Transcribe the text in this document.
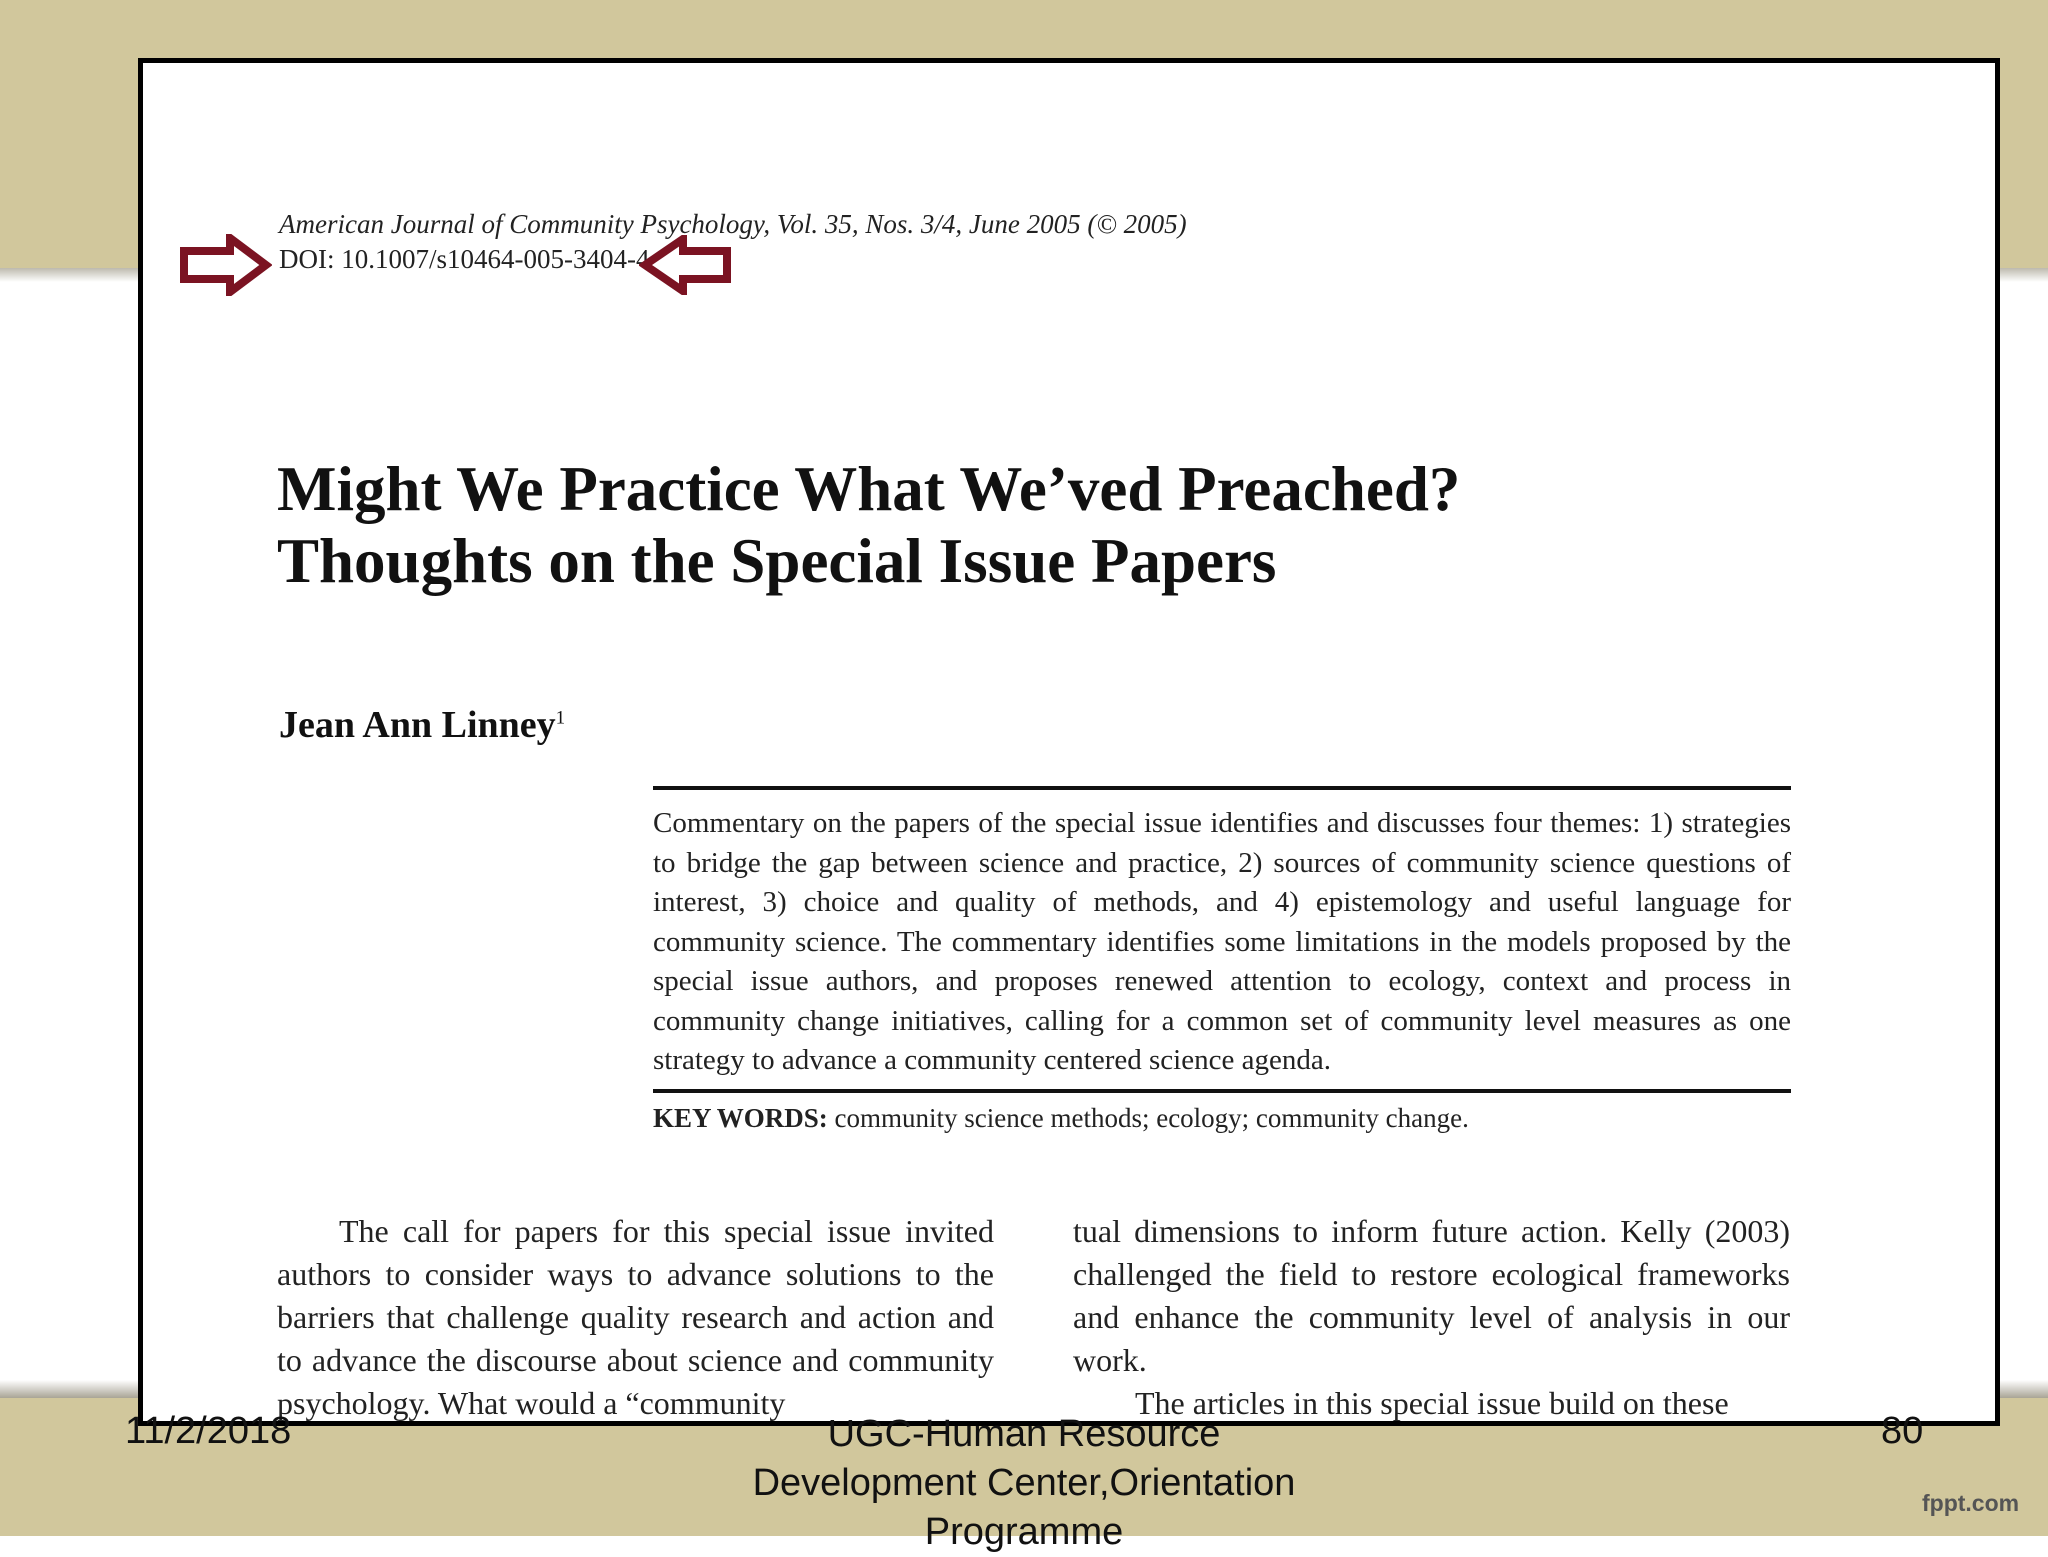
American Journal of Community Psychology, Vol. 35, Nos. 3/4, June 2005 (© 2005)
DOI: 10.1007/s10464-005-3404-4
Might We Practice What We’ved Preached?
Thoughts on the Special Issue Papers
Jean Ann Linney$^1$
Commentary on the papers of the special issue identifies and discusses four themes: 1) strategies to bridge the gap between science and practice, 2) sources of community science questions of interest, 3) choice and quality of methods, and 4) epistemology and useful language for community science. The commentary identifies some limitations in the models proposed by the special issue authors, and proposes renewed attention to ecology, context and process in community change initiatives, calling for a common set of community level measures as one strategy to advance a community centered science agenda.
KEY WORDS: community science methods; ecology; community change.

The call for papers for this special issue invited authors to consider ways to advance solutions to the barriers that challenge quality research and action and to advance the discourse about science and community psychology. What would a “community

tual dimensions to inform future action. Kelly (2003) challenged the field to restore ecological frameworks and enhance the community level of analysis in our work.

The articles in this special issue build on these

11/2/2018	UGC-Human Resource Development Center,Orientation Programme
80
fppt.com
